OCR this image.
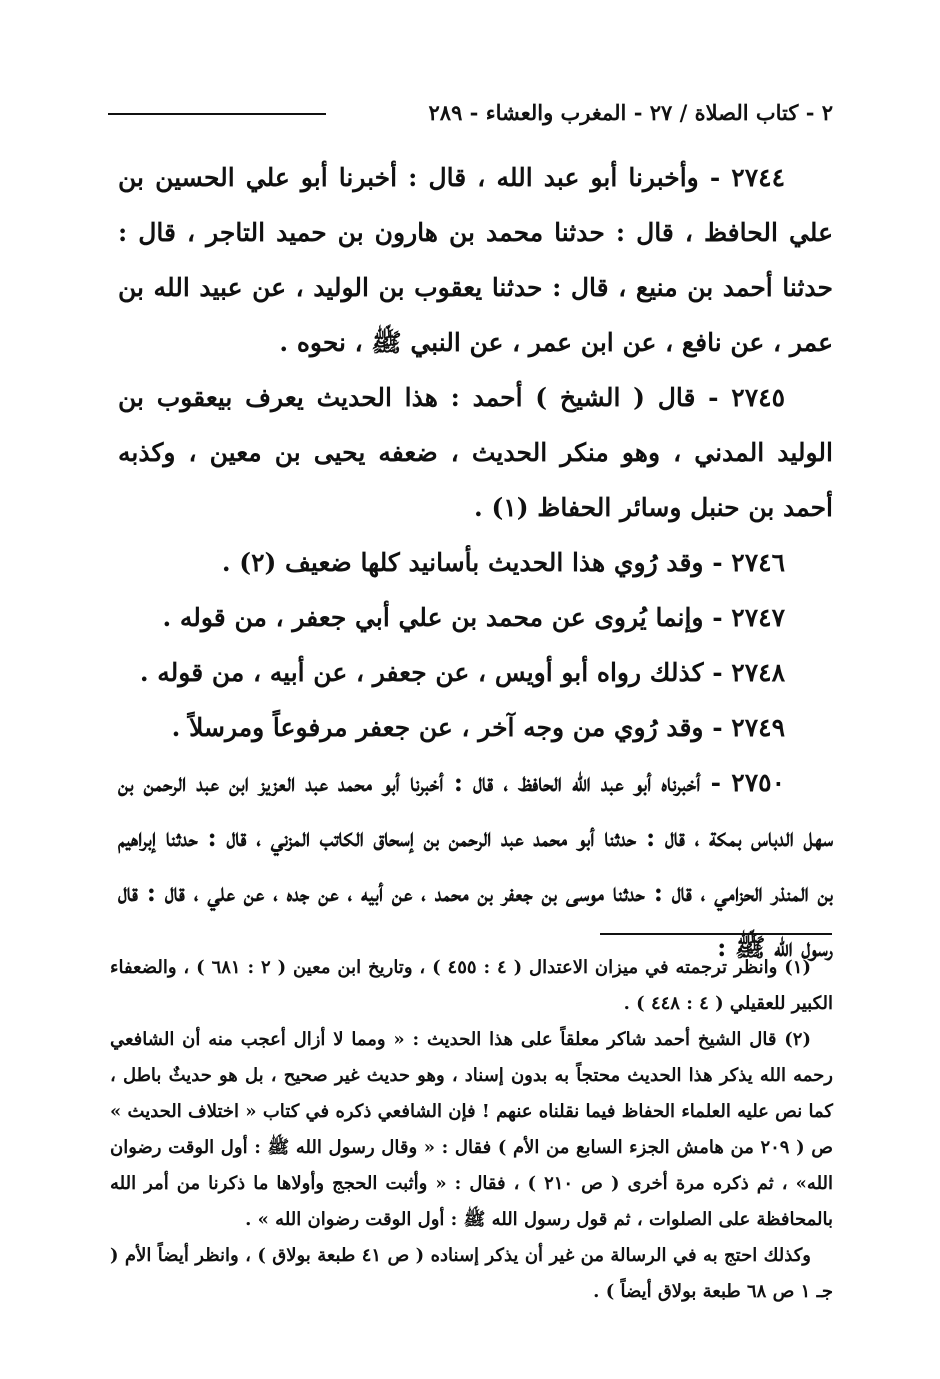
٢ - كتاب الصلاة / ٢٧ - المغرب والعشاء - ٢٨٩

٢٧٤٤ - وأخبرنا أبو عبد الله ، قال : أخبرنا أبو علي الحسين بن علي الحافظ ، قال : حدثنا محمد بن هارون بن حميد التاجر ، قال : حدثنا أحمد بن منيع ، قال : حدثنا يعقوب بن الوليد ، عن عبيد الله بن عمر ، عن نافع ، عن ابن عمر ، عن النبي ﷺ ، نحوه .

٢٧٤٥ - قال ( الشيخ ) أحمد : هذا الحديث يعرف بيعقوب بن الوليد المدني ، وهو منكر الحديث ، ضعفه يحيى بن معين ، وكذبه أحمد بن حنبل وسائر الحفاظ (١) .

٢٧٤٦ - وقد رُوي هذا الحديث بأسانيد كلها ضعيف (٢) .

٢٧٤٧ - وإنما يُروى عن محمد بن علي أبي جعفر ، من قوله .

٢٧٤٨ - كذلك رواه أبو أويس ، عن جعفر ، عن أبيه ، من قوله .

٢٧٤٩ - وقد رُوي من وجه آخر ، عن جعفر مرفوعاً ومرسلاً .

٢٧٥٠ - أخبرناه أبو عبد الله الحافظ ، قال : أخبرنا أبو محمد عبد العزيز ابن عبد الرحمن بن سهل الدباس بمكة ، قال : حدثنا أبو محمد عبد الرحمن بن إسحاق الكاتب المزني ، قال : حدثنا إبراهيم بن المنذر الحزامي ، قال : حدثنا موسى بن جعفر بن محمد ، عن أبيه ، عن جده ، عن علي ، قال : قال رسول الله ﷺ :

(١) وانظر ترجمته في ميزان الاعتدال ( ٤ : ٤٥٥ ) ، وتاريخ ابن معين ( ٢ : ٦٨١ ) ، والضعفاء الكبير للعقيلي ( ٤ : ٤٤٨ ) .

(٢) قال الشيخ أحمد شاكر معلقاً على هذا الحديث : « ومما لا أزال أعجب منه أن الشافعي رحمه الله يذكر هذا الحديث محتجاً به بدون إسناد ، وهو حديث غير صحيح ، بل هو حديثٌ باطل ، كما نص عليه العلماء الحفاظ فيما نقلناه عنهم ! فإن الشافعي ذكره في كتاب « اختلاف الحديث » ص ( ٢٠٩ من هامش الجزء السابع من الأم ) فقال : « وقال رسول الله ﷺ : أول الوقت رضوان الله» ، ثم ذكره مرة أخرى ( ص ٢١٠ ) ، فقال : « وأثبت الحجج وأولاها ما ذكرنا من أمر الله بالمحافظة على الصلوات ، ثم قول رسول الله ﷺ : أول الوقت رضوان الله » .

وكذلك احتج به في الرسالة من غير أن يذكر إسناده ( ص ٤١ طبعة بولاق ) ، وانظر أيضاً الأم ( جـ ١ ص ٦٨ طبعة بولاق أيضاً ) .
